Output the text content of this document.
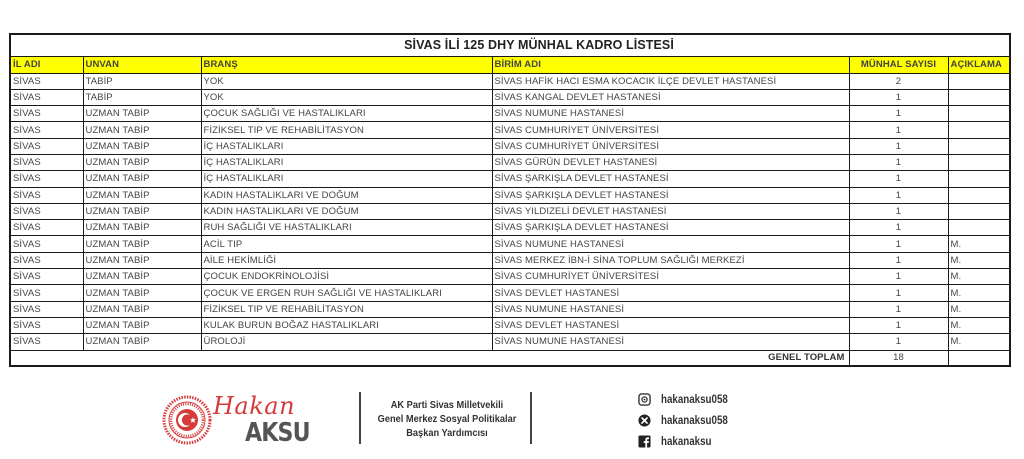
SİVAS İLİ 125 DHY MÜNHAL KADRO LİSTESİ					
İL ADI	UNVAN	BRANŞ	BİRİM ADI	MÜNHAL SAYISI	AÇIKLAMA
SİVAS	TABİP	YOK	SİVAS HAFİK HACI ESMA KOCACIK İLÇE DEVLET HASTANESİ	2	
SİVAS	TABİP	YOK	SİVAS KANGAL DEVLET HASTANESİ	1	
SİVAS	UZMAN TABİP	ÇOCUK SAĞLIĞI VE HASTALIKLARI	SİVAS NUMUNE HASTANESİ	1	
SİVAS	UZMAN TABİP	FİZİKSEL TIP VE REHABİLİTASYON	SİVAS CUMHURİYET ÜNİVERSİTESİ	1	
SİVAS	UZMAN TABİP	İÇ HASTALIKLARI	SİVAS CUMHURİYET ÜNİVERSİTESİ	1	
SİVAS	UZMAN TABİP	İÇ HASTALIKLARI	SİVAS GÜRÜN DEVLET HASTANESİ	1	
SİVAS	UZMAN TABİP	İÇ HASTALIKLARI	SİVAS ŞARKIŞLA DEVLET HASTANESİ	1	
SİVAS	UZMAN TABİP	KADIN HASTALIKLARI VE DOĞUM	SİVAS ŞARKIŞLA DEVLET HASTANESİ	1	
SİVAS	UZMAN TABİP	KADIN HASTALIKLARI VE DOĞUM	SİVAS YILDIZELİ DEVLET HASTANESİ	1	
SİVAS	UZMAN TABİP	RUH SAĞLIĞI VE HASTALIKLARI	SİVAS ŞARKIŞLA DEVLET HASTANESİ	1	
SİVAS	UZMAN TABİP	ACİL TIP	SİVAS NUMUNE HASTANESİ	1	M.
SİVAS	UZMAN TABİP	AİLE HEKİMLİĞİ	SİVAS MERKEZ İBN-İ SİNA TOPLUM SAĞLIĞI MERKEZİ	1	M.
SİVAS	UZMAN TABİP	ÇOCUK ENDOKRİNOLOJİSİ	SİVAS CUMHURİYET ÜNİVERSİTESİ	1	M.
SİVAS	UZMAN TABİP	ÇOCUK VE ERGEN RUH SAĞLIĞI VE HASTALIKLARI	SİVAS DEVLET HASTANESİ	1	M.
SİVAS	UZMAN TABİP	FİZİKSEL TIP VE REHABİLİTASYON	SİVAS NUMUNE HASTANESİ	1	M.
SİVAS	UZMAN TABİP	KULAK BURUN BOĞAZ HASTALIKLARI	SİVAS DEVLET HASTANESİ	1	M.
SİVAS	UZMAN TABİP	ÜROLOJİ	SİVAS NUMUNE HASTANESİ	1	M.
GENEL TOPLAM				18	
Hakan
AKSU
AK Parti Sivas Milletvekili
Genel Merkez Sosyal Politikalar
Başkan Yardımcısı
hakanaksu058
hakanaksu058
hakanaksu
